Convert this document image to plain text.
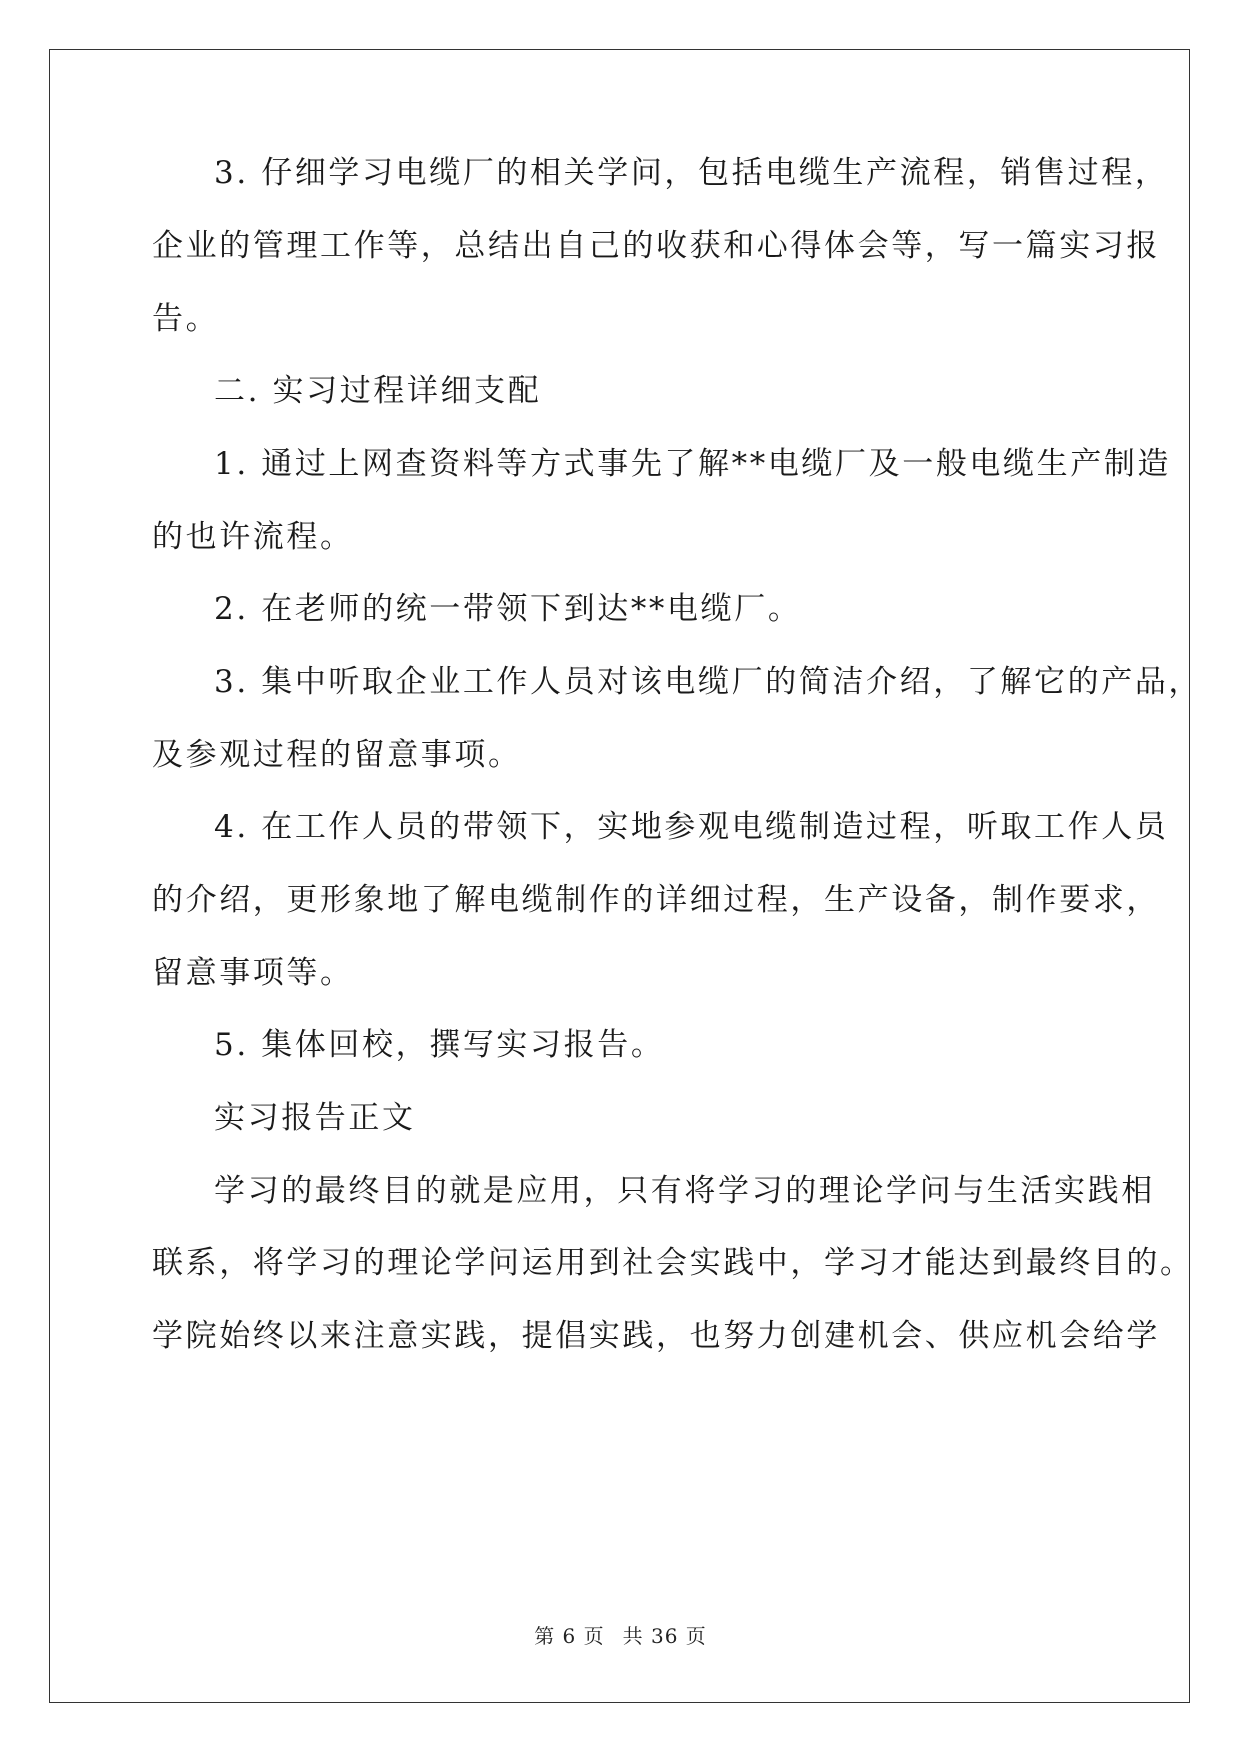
3. 仔细学习电缆厂的相关学问，包括电缆生产流程，销售过程，
企业的管理工作等，总结出自己的收获和心得体会等，写一篇实习报
告。
二. 实习过程详细支配
1. 通过上网查资料等方式事先了解**电缆厂及一般电缆生产制造
的也许流程。
2. 在老师的统一带领下到达**电缆厂。
3. 集中听取企业工作人员对该电缆厂的简洁介绍，了解它的产品，
及参观过程的留意事项。
4. 在工作人员的带领下，实地参观电缆制造过程，听取工作人员
的介绍，更形象地了解电缆制作的详细过程，生产设备，制作要求，
留意事项等。
5. 集体回校，撰写实习报告。
实习报告正文
学习的最终目的就是应用，只有将学习的理论学问与生活实践相
联系，将学习的理论学问运用到社会实践中，学习才能达到最终目的。
学院始终以来注意实践，提倡实践，也努力创建机会、供应机会给学
第 6 页 共 36 页
